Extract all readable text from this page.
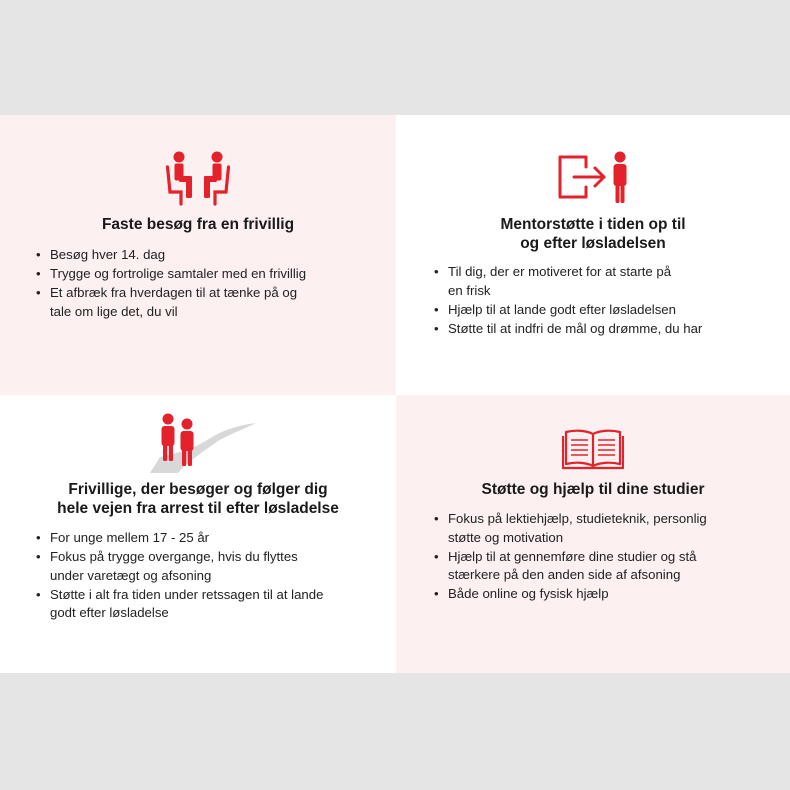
Faste besøg fra en frivillig
• Besøg hver 14. dag
• Trygge og fortrolige samtaler med en frivillig
• Et afbræk fra hverdagen til at tænke på og
tale om lige det, du vil
Mentorstøtte i tiden op til
og efter løsladelsen
• Til dig, der er motiveret for at starte på
en frisk
• Hjælp til at lande godt efter løsladelsen
• Støtte til at indfri de mål og drømme, du har
Frivillige, der besøger og følger dig
hele vejen fra arrest til efter løsladelse
• For unge mellem 17 - 25 år
• Fokus på trygge overgange, hvis du flyttes
under varetægt og afsoning
• Støtte i alt fra tiden under retssagen til at lande
godt efter løsladelse
Støtte og hjælp til dine studier
• Fokus på lektiehjælp, studieteknik, personlig
støtte og motivation
• Hjælp til at gennemføre dine studier og stå
stærkere på den anden side af afsoning
• Både online og fysisk hjælp
